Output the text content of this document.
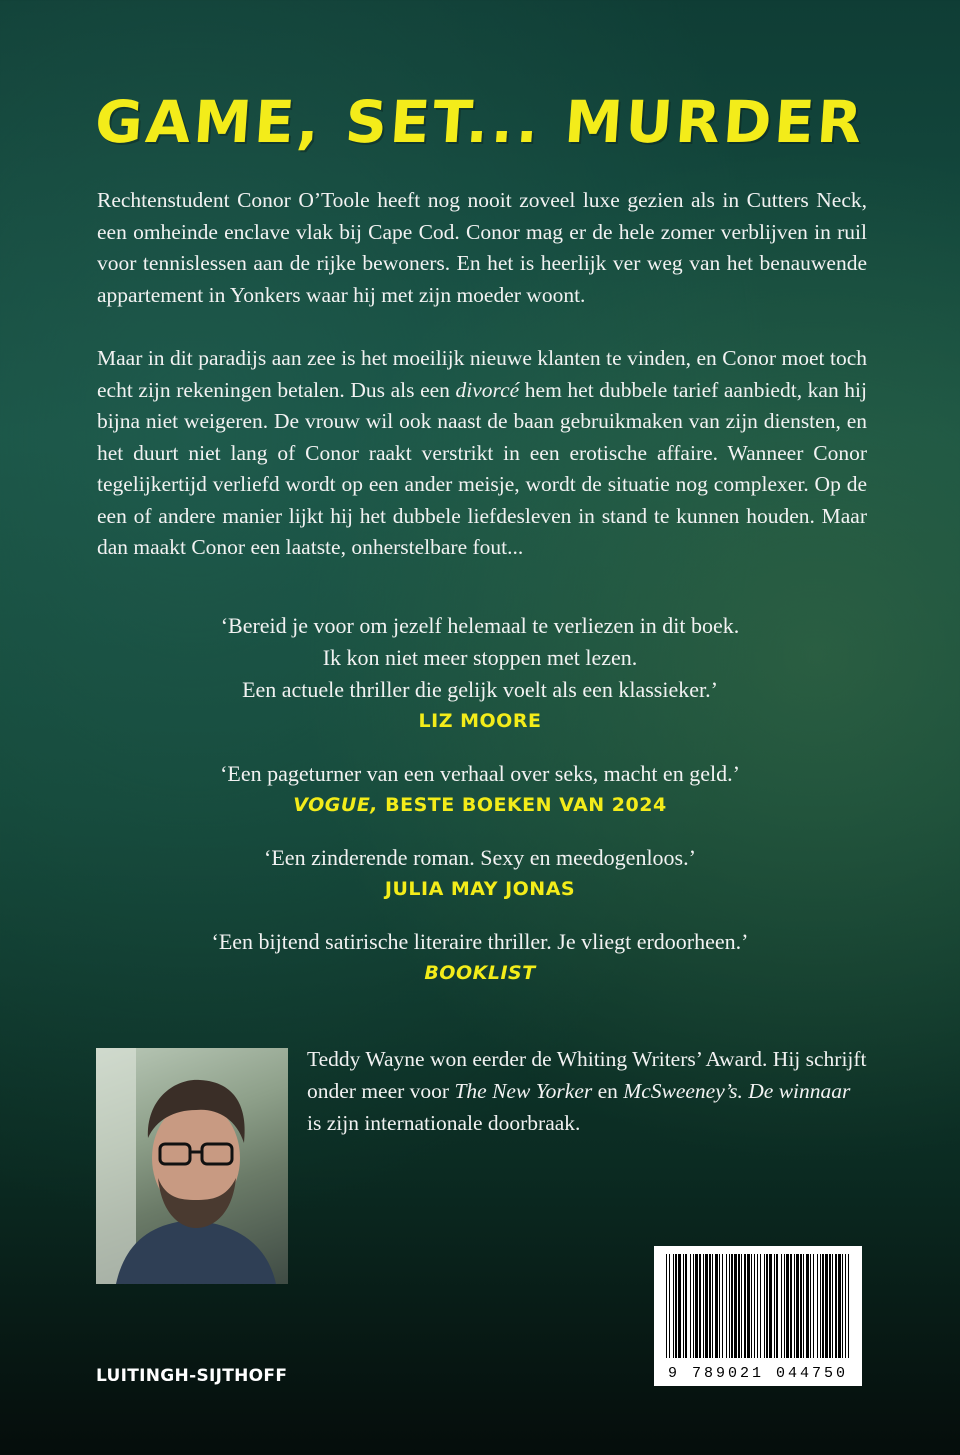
GAME, SET... MURDER

Rechtenstudent Conor O’Toole heeft nog nooit zoveel luxe gezien als in Cutters Neck, een omheinde enclave vlak bij Cape Cod. Conor mag er de hele zomer verblijven in ruil voor tennislessen aan de rijke bewoners. En het is heerlijk ver weg van het benauwende appartement in Yonkers waar hij met zijn moeder woont.

Maar in dit paradijs aan zee is het moeilijk nieuwe klanten te vinden, en Conor moet toch echt zijn rekeningen betalen. Dus als een divorcé hem het dubbele tarief aanbiedt, kan hij bijna niet weigeren. De vrouw wil ook naast de baan gebruikmaken van zijn diensten, en het duurt niet lang of Conor raakt verstrikt in een erotische affaire. Wanneer Conor tegelijkertijd verliefd wordt op een ander meisje, wordt de situatie nog complexer. Op de een of andere manier lijkt hij het dubbele liefdesleven in stand te kunnen houden. Maar dan maakt Conor een laatste, onherstelbare fout...

‘Bereid je voor om jezelf helemaal te verliezen in dit boek.
Ik kon niet meer stoppen met lezen.
Een actuele thriller die gelijk voelt als een klassieker.’

LIZ MOORE

‘Een pageturner van een verhaal over seks, macht en geld.’

VOGUE, BESTE BOEKEN VAN 2024

‘Een zinderende roman. Sexy en meedogenloos.’

JULIA MAY JONAS

‘Een bijtend satirische literaire thriller. Je vliegt erdoorheen.’

BOOKLIST

Teddy Wayne won eerder de Whiting Writers’ Award. Hij schrijft onder meer voor The New Yorker en McSweeney’s. De winnaar is zijn internationale doorbraak.

9 789021 044750
LUITINGH-SIJTHOFF
